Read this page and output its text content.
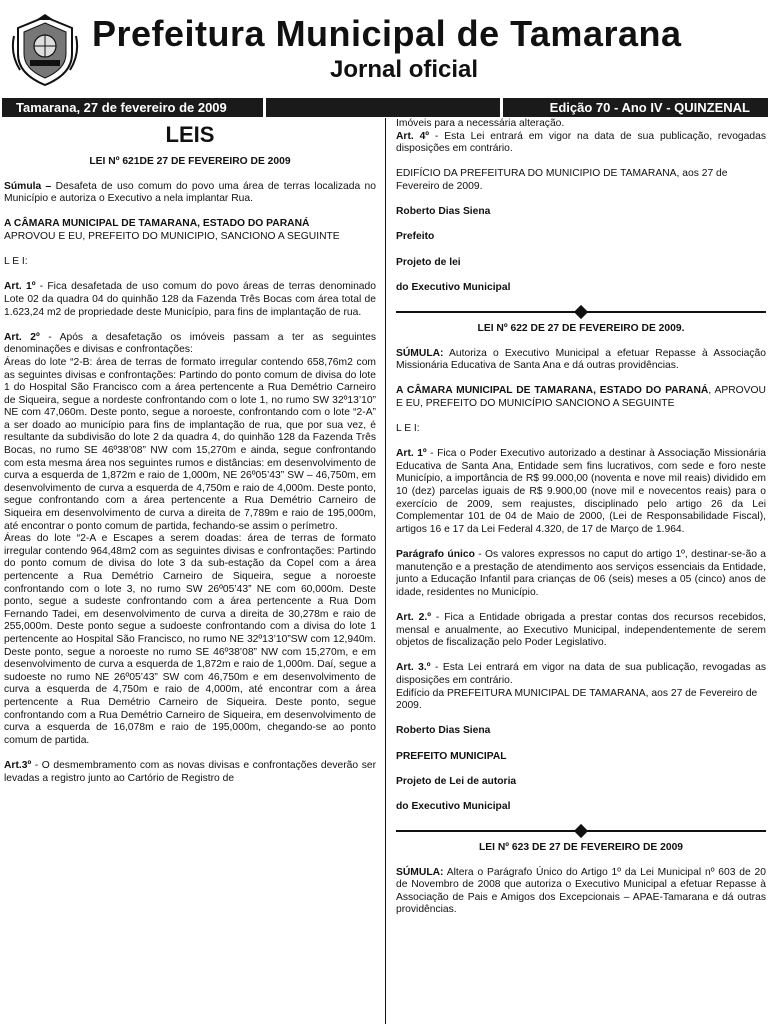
Prefeitura Municipal de Tamarana
Jornal oficial
Tamarana, 27 de fevereiro de 2009	Edição 70 - Ano IV - QUINZENAL
LEIS
LEI Nº 621DE 27 DE FEVEREIRO DE 2009

Súmula – Desafeta de uso comum do povo uma área de terras localizada no Município e autoriza o Executivo a nela implantar Rua.

A CÂMARA MUNICIPAL DE TAMARANA, ESTADO DO PARANÁ
APROVOU E EU, PREFEITO DO MUNICIPIO, SANCIONO A SEGUINTE

L E I:

Art. 1º - Fica desafetada de uso comum do povo áreas de terras denominado Lote 02 da quadra 04 do quinhão 128 da Fazenda Três Bocas com área total de 1.623,24 m2 de propriedade deste Município, para fins de implantação de rua.

Art. 2º - Após a desafetação os imóveis passam a ter as seguintes denominações e divisas e confrontações:

Áreas do lote “2-B: área de terras de formato irregular contendo 658,76m2 com as seguintes divisas e confrontações: Partindo do ponto comum de divisa do lote 1 do Hospital São Francisco com a área pertencente a Rua Demétrio Carneiro de Siqueira, segue a nordeste confrontando com o lote 1, no rumo SW 32º13’10” NE com 47,060m. Deste ponto, segue a noroeste, confrontando com o lote “2-A” a ser doado ao município para fins de implantação de rua, que por sua vez, é resultante da subdivisão do lote 2 da quadra 4, do quinhão 128 da Fazenda Três Bocas, no rumo SE 46º38’08” NW com 15,270m e ainda, segue confrontando com esta mesma área nos seguintes rumos e distâncias: em desenvolvimento de curva a esquerda de 1,872m e raio de 1,000m, NE 26º05’43” SW – 46,750m, em desenvolvimento de curva a esquerda de 4,750m e raio de 4,000m. Deste ponto, segue confrontando com a área pertencente a Rua Demétrio Carneiro de Siqueira em desenvolvimento de curva a direita de 7,789m e raio de 195,000m, até encontrar o ponto comum de partida, fechando-se assim o perímetro.

Áreas do lote “2-A e Escapes a serem doadas: área de terras de formato irregular contendo 964,48m2 com as seguintes divisas e confrontações: Partindo do ponto comum de divisa do lote 3 da sub-estação da Copel com a área pertencente a Rua Demétrio Carneiro de Siqueira, segue a noroeste confrontando com o lote 3, no rumo SW 26º05’43” NE com 60,000m. Deste ponto, segue a sudeste confrontando com a área pertencente a Rua Dom Fernando Tadei, em desenvolvimento de curva a direita de 30,278m e raio de 255,000m. Deste ponto segue a sudoeste confrontando com a divisa do lote 1 pertencente ao Hospital São Francisco, no rumo NE 32º13’10”SW com 12,940m. Deste ponto, segue a noroeste no rumo SE 46º38’08” NW com 15,270m, e em desenvolvimento de curva a esquerda de 1,872m e raio de 1,000m. Daí, segue a sudoeste no rumo NE 26º05’43” SW com 46,750m e em desenvolvimento de curva a esquerda de 4,750m e raio de 4,000m, até encontrar com a área pertencente a Rua Demétrio Carneiro de Siqueira. Deste ponto, segue confrontando com a Rua Demétrio Carneiro de Siqueira, em desenvolvimento de curva a esquerda de 16,078m e raio de 195,000m, chegando-se ao ponto comum de partida.

Art.3º - O desmembramento com as novas divisas e confrontações deverão ser levadas a registro junto ao Cartório de Registro de

Imóveis para a necessária alteração.

Art. 4º - Esta Lei entrará em vigor na data de sua publicação, revogadas disposições em contrário.

EDIFÍCIO DA PREFEITURA DO MUNICIPIO DE TAMARANA, aos 27 de Fevereiro de 2009.

Roberto Dias Siena

Prefeito

Projeto de lei

do Executivo Municipal

LEI Nº 622 DE 27 DE FEVEREIRO DE 2009.

SÚMULA: Autoriza o Executivo Municipal a efetuar Repasse à Associação Missionária Educativa de Santa Ana e dá outras providências.

A CÂMARA MUNICIPAL DE TAMARANA, ESTADO DO PARANÁ, APROVOU E EU, PREFEITO DO MUNICÍPIO SANCIONO A SEGUINTE

L E I:

Art. 1º - Fica o Poder Executivo autorizado a destinar à Associação Missionária Educativa de Santa Ana, Entidade sem fins lucrativos, com sede e foro neste Município, a importância de R$ 99.000,00 (noventa e nove mil reais) dividido em 10 (dez) parcelas iguais de R$ 9.900,00 (nove mil e novecentos reais) para o exercício de 2009, sem reajustes, disciplinado pelo artigo 26 da Lei Complementar 101 de 04 de Maio de 2000, (Lei de Responsabilidade Fiscal), artigos 16 e 17 da Lei Federal 4.320, de 17 de Março de 1.964.

Parágrafo único - Os valores expressos no caput do artigo 1º, destinar-se-ão a manutenção e a prestação de atendimento aos serviços essenciais da Entidade, junto a Educação Infantil para crianças de 06 (seis) meses a 05 (cinco) anos de idade, residentes no Município.

Art. 2.º - Fica a Entidade obrigada a prestar contas dos recursos recebidos, mensal e anualmente, ao Executivo Municipal, independentemente de serem objetos de fiscalização pelo Poder Legislativo.

Art. 3.º - Esta Lei entrará em vigor na data de sua publicação, revogadas as disposições em contrário.

Edifício da PREFEITURA MUNICIPAL DE TAMARANA, aos 27 de Fevereiro de 2009.

Roberto Dias Siena

PREFEITO MUNICIPAL

Projeto de Lei de autoria

do Executivo Municipal

LEI Nº 623 DE 27 DE FEVEREIRO DE 2009

SÚMULA: Altera o Parágrafo Único do Artigo 1º da Lei Municipal nº 603 de 20 de Novembro de 2008 que autoriza o Executivo Municipal a efetuar Repasse à Associação de Pais e Amigos dos Excepcionais – APAE-Tamarana e dá outras providências.
